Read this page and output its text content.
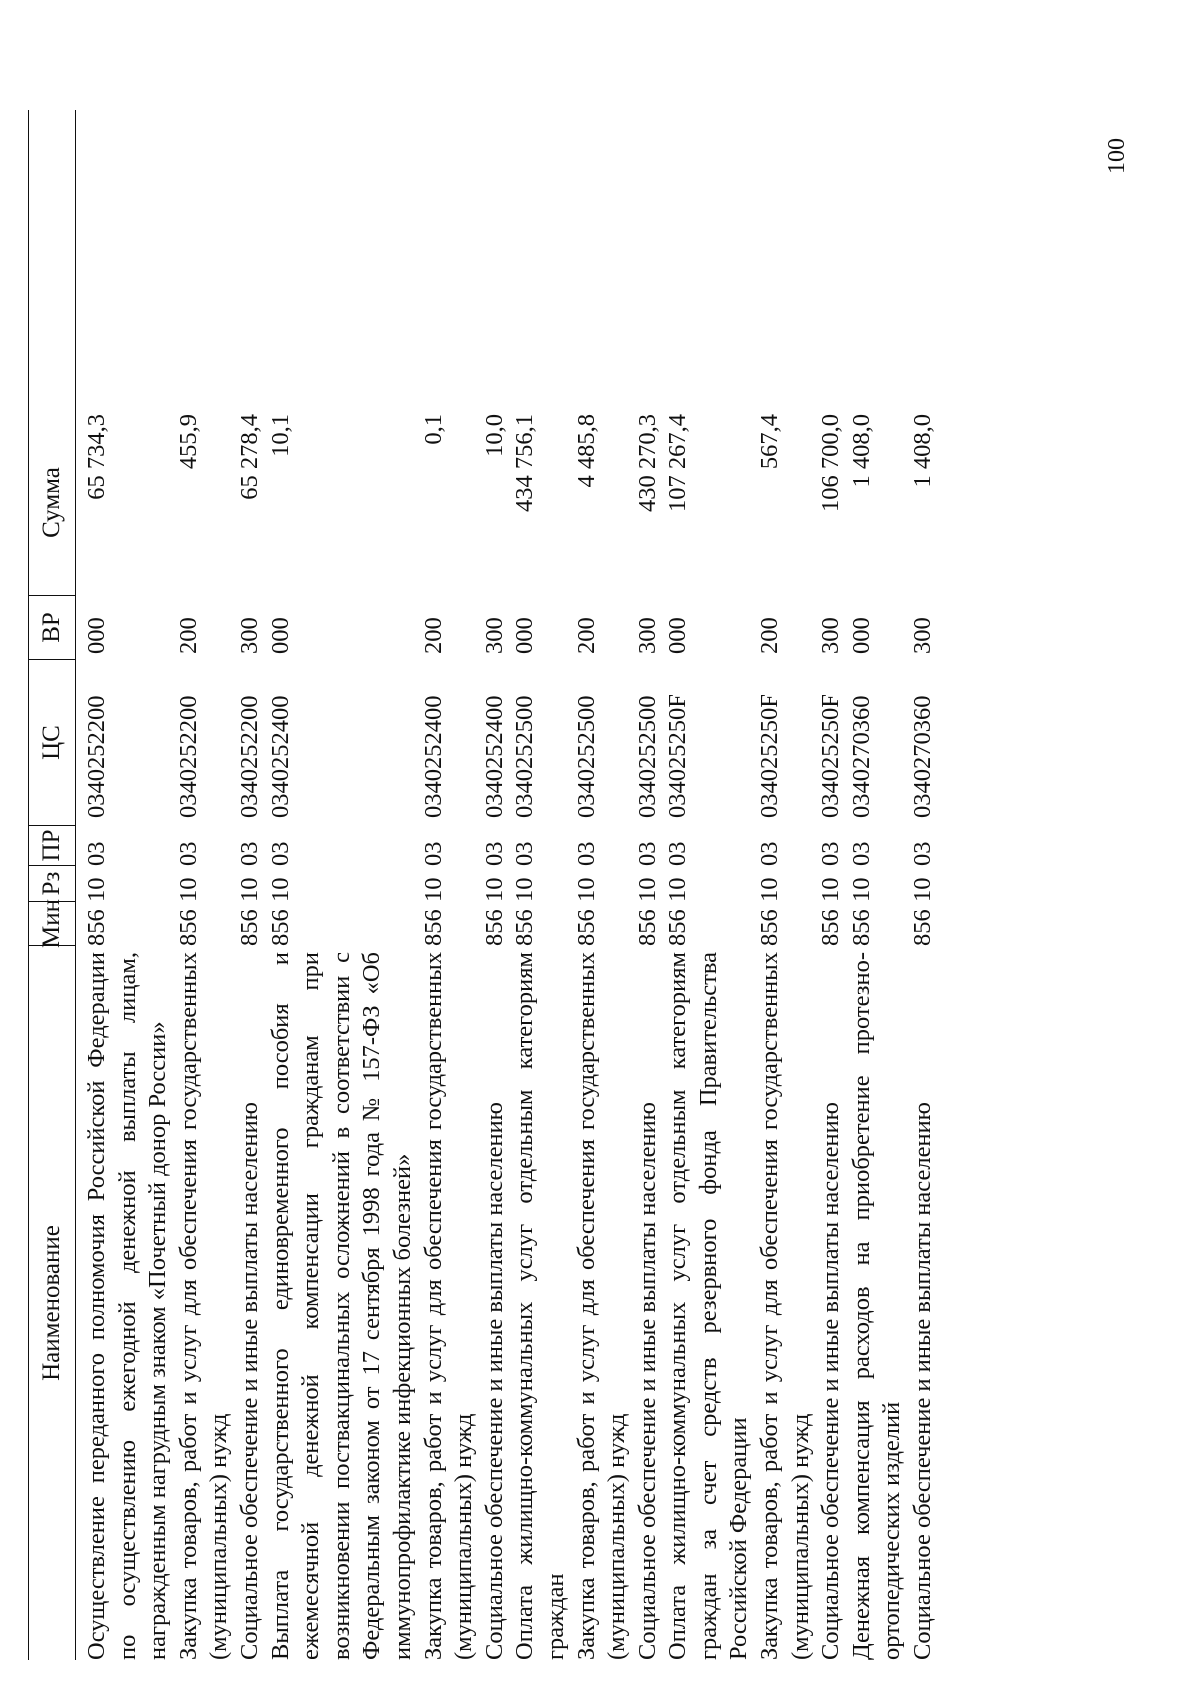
100
Наименование
Мин
Рз
ПР
ЦС
ВР
Сумма
Осуществление переданного полномочия Российской Федерации по осуществлению ежегодной денежной выплаты лицам, награжденным нагрудным знаком «Почетный донор России»
856
10
03
0340252200
000
65 734,3
Закупка товаров, работ и услуг для обеспечения государственных (муниципальных) нужд
856
10
03
0340252200
200
455,9
Социальное обеспечение и иные выплаты населению
856
10
03
0340252200
300
65 278,4
Выплата государственного единовременного пособия и ежемесячной денежной компенсации гражданам при возникновении поствакцинальных осложнений в соответствии с Федеральным законом от 17 сентября 1998 года № 157-ФЗ «Об иммунопрофилактике инфекционных болезней»
856
10
03
0340252400
000
10,1
Закупка товаров, работ и услуг для обеспечения государственных (муниципальных) нужд
856
10
03
0340252400
200
0,1
Социальное обеспечение и иные выплаты населению
856
10
03
0340252400
300
10,0
Оплата жилищно-коммунальных услуг отдельным категориям граждан
856
10
03
0340252500
000
434 756,1
Закупка товаров, работ и услуг для обеспечения государственных (муниципальных) нужд
856
10
03
0340252500
200
4 485,8
Социальное обеспечение и иные выплаты населению
856
10
03
0340252500
300
430 270,3
Оплата жилищно-коммунальных услуг отдельным категориям граждан за счет средств резервного фонда Правительства Российской Федерации
856
10
03
034025250F
000
107 267,4
Закупка товаров, работ и услуг для обеспечения государственных (муниципальных) нужд
856
10
03
034025250F
200
567,4
Социальное обеспечение и иные выплаты населению
856
10
03
034025250F
300
106 700,0
Денежная компенсация расходов на приобретение протезно-ортопедических изделий
856
10
03
0340270360
000
1 408,0
Социальное обеспечение и иные выплаты населению
856
10
03
0340270360
300
1 408,0
